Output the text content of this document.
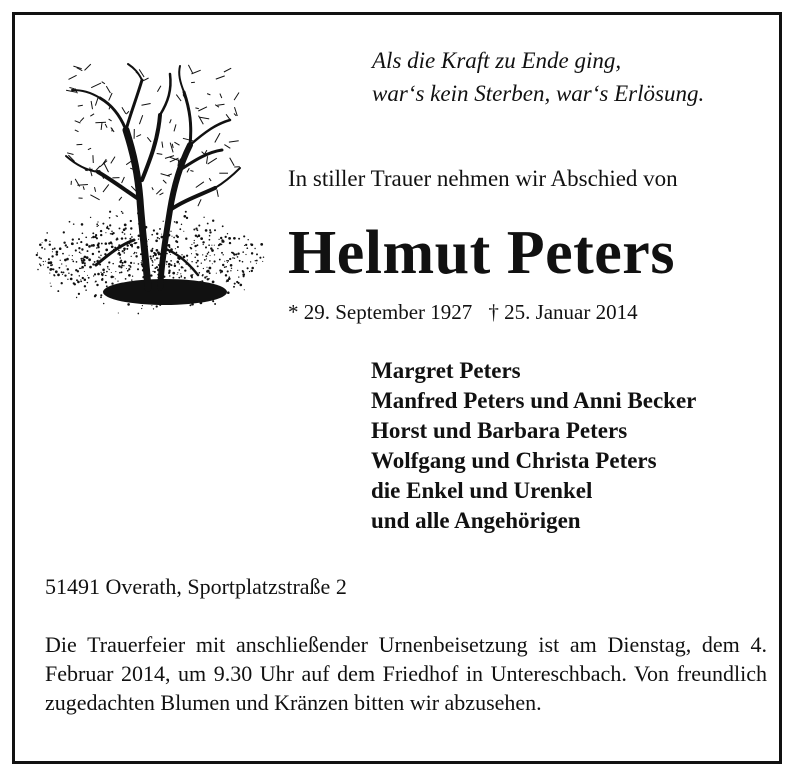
Als die Kraft zu Ende ging,
war‘s kein Sterben, war‘s Erlösung.
In stiller Trauer nehmen wir Abschied von
Helmut Peters
* 29. September 1927 † 25. Januar 2014
Margret Peters
Manfred Peters und Anni Becker
Horst und Barbara Peters
Wolfgang und Christa Peters
die Enkel und Urenkel
und alle Angehörigen
51491 Overath, Sportplatzstraße 2
Die Trauerfeier mit anschließender Urnenbeisetzung ist am Dienstag, dem 4. Februar 2014, um 9.30 Uhr auf dem Friedhof in Untereschbach. Von freundlich zugedachten Blumen und Kränzen bitten wir abzusehen.
